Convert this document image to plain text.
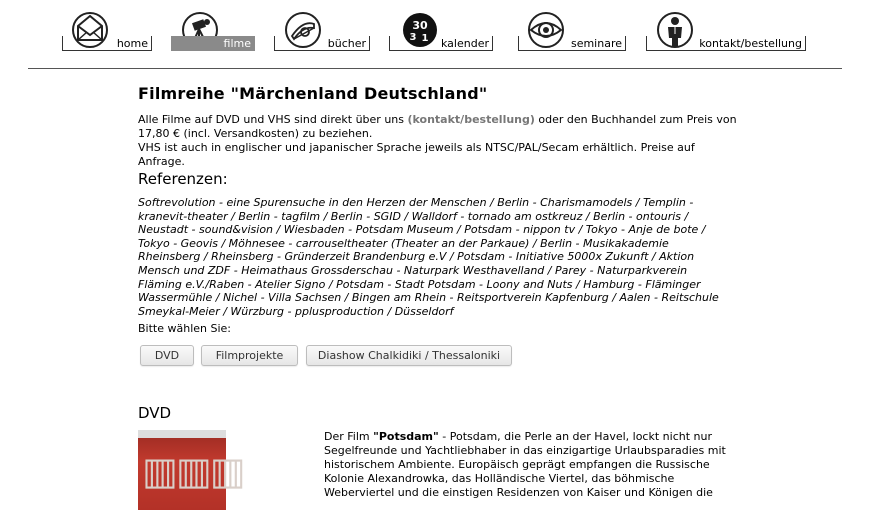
home	filme	bücher
30
3 1	kalender	seminare	kontakt/bestellung
Filmreihe "Märchenland Deutschland"
Alle Filme auf DVD und VHS sind direkt über uns (kontakt/bestellung) oder den Buchhandel zum Preis von 17,80 € (incl. Versandkosten) zu beziehen.
VHS ist auch in englischer und japanischer Sprache jeweils als NTSC/PAL/Secam erhältlich. Preise auf Anfrage.
Referenzen:
Softrevolution - eine Spurensuche in den Herzen der Menschen / Berlin - Charismamodels / Templin - kranevit-theater / Berlin - tagfilm / Berlin - SGID / Walldorf - tornado am ostkreuz / Berlin - ontouris / Neustadt - sound&vision / Wiesbaden - Potsdam Museum / Potsdam - nippon tv / Tokyo - Anje de bote / Tokyo - Geovis / Möhnesee - carrouseltheater (Theater an der Parkaue) / Berlin - Musikakademie Rheinsberg / Rheinsberg - Gründerzeit Brandenburg e.V / Potsdam - Initiative 5000x Zukunft / Aktion Mensch und ZDF - Heimathaus Grossderschau - Naturpark Westhavelland / Parey - Naturparkverein Fläming e.V./Raben - Atelier Signo / Potsdam - Stadt Potsdam - Loony and Nuts / Hamburg - Fläminger Wassermühle / Nichel - Villa Sachsen / Bingen am Rhein - Reitsportverein Kapfenburg / Aalen - Reitschule Smeykal-Meier / Würzburg - pplusproduction / Düsseldorf
Bitte wählen Sie:
DVD	Filmprojekte	Diashow Chalkidiki / Thessaloniki
DVD
▥▥▥
Der Film "Potsdam" - Potsdam, die Perle an der Havel, lockt nicht nur Segelfreunde und Yachtliebhaber in das einzigartige Urlaubsparadies mit historischem Ambiente. Europäisch geprägt empfangen die Russische Kolonie Alexandrowka, das Holländische Viertel, das böhmische Weberviertel und die einstigen Residenzen von Kaiser und Königen die
